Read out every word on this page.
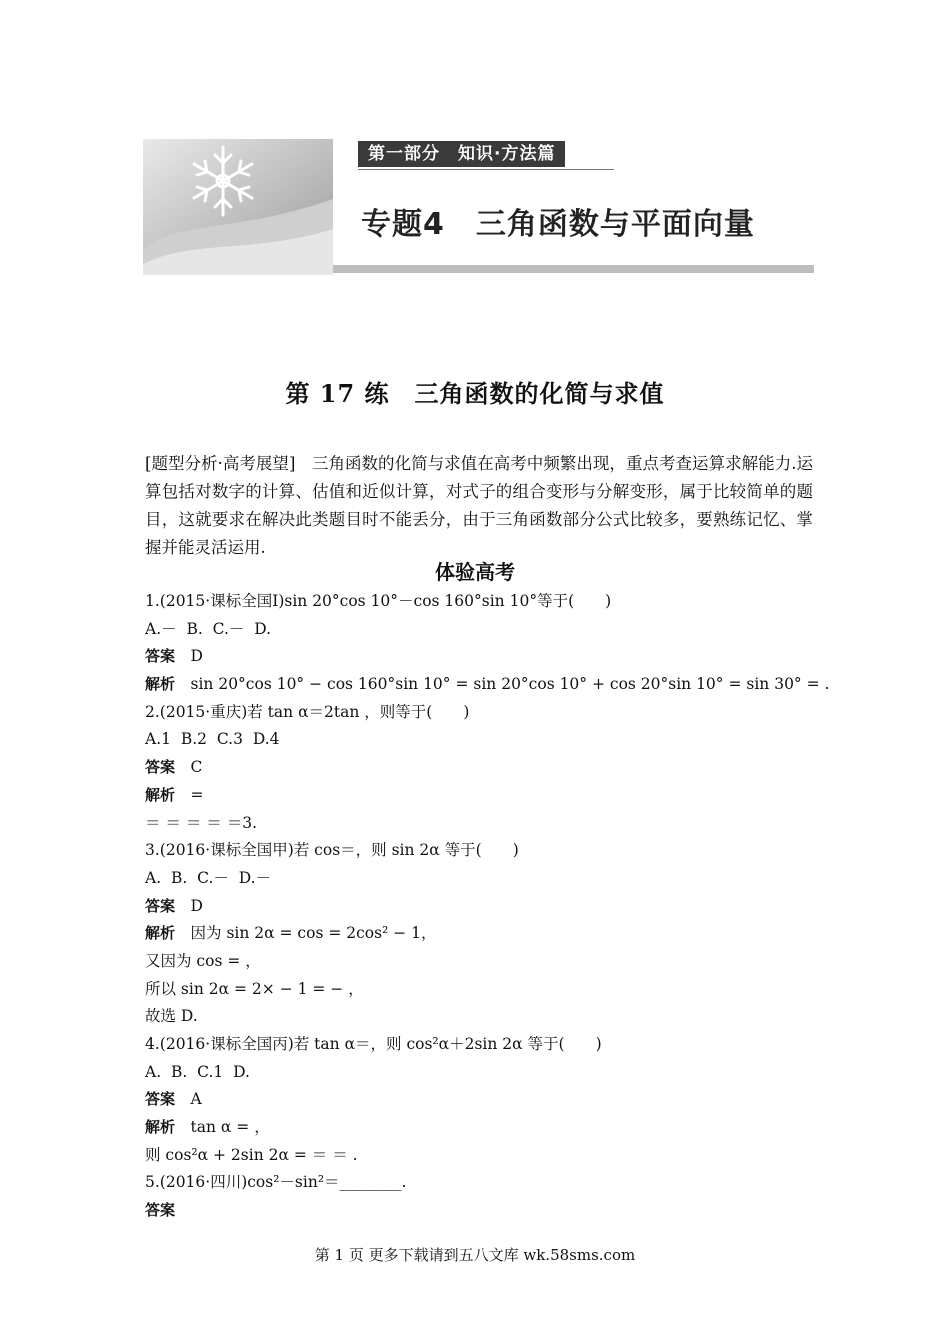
第一部分　知识·方法篇
专题4　三角函数与平面向量
第 17 练　三角函数的化简与求值
[题型分析·高考展望]　三角函数的化简与求值在高考中频繁出现，重点考查运算求解能力.运算包括对数字的计算、估值和近似计算，对式子的组合变形与分解变形，属于比较简单的题目，这就要求在解决此类题目时不能丢分，由于三角函数部分公式比较多，要熟练记忆、掌握并能灵活运用.
体验高考
1.(2015·课标全国Ⅰ)sin 20°cos 10°－cos 160°sin 10°等于(　　)
A.－  B.  C.－  D.
答案　D
解析　sin 20°cos 10° − cos 160°sin 10° = sin 20°cos 10° + cos 20°sin 10° = sin 30° = .
2.(2015·重庆)若 tan α＝2tan ，则等于(　　)
A.1  B.2  C.3  D.4
答案　C
解析　=
＝ ＝ ＝ ＝ ＝3.
3.(2016·课标全国甲)若 cos＝，则 sin 2α 等于(　　)
A.  B.  C.－  D.－
答案　D
解析　因为 sin 2α = cos = 2cos² − 1，
又因为 cos = ，
所以 sin 2α = 2× − 1 = − ，
故选 D.
4.(2016·课标全国丙)若 tan α＝，则 cos²α＋2sin 2α 等于(　　)
A.  B.  C.1  D.
答案　A
解析　tan α = ，
则 cos²α + 2sin 2α = ＝ ＝ .
5.(2016·四川)cos²－sin²＝________.
答案
第 1 页 更多下载请到五八文库 wk.58sms.com
